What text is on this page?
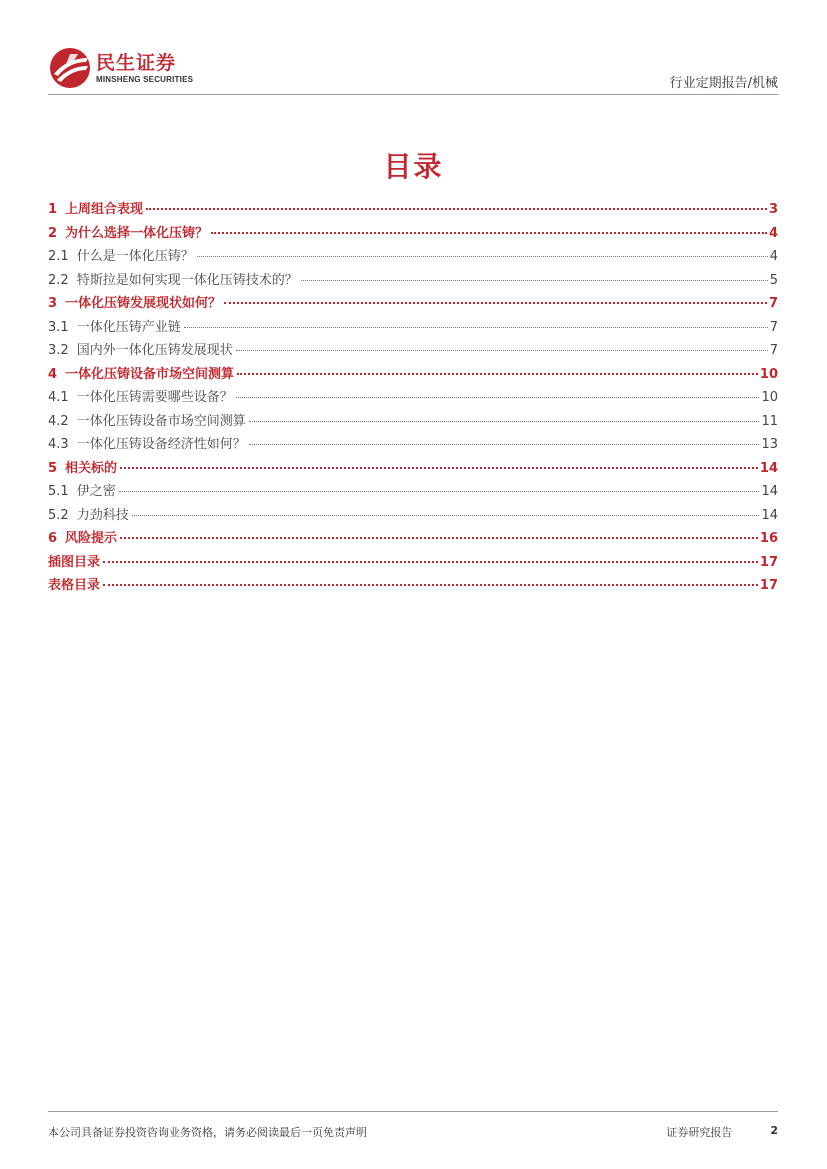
民生证券
MINSHENG SECURITIES	行业定期报告/机械
目录
1 上周组合表现	3
2 为什么选择一体化压铸？	4
2.1 什么是一体化压铸？	4
2.2 特斯拉是如何实现一体化压铸技术的？	5
3 一体化压铸发展现状如何？	7
3.1 一体化压铸产业链	7
3.2 国内外一体化压铸发展现状	7
4 一体化压铸设备市场空间测算	10
4.1 一体化压铸需要哪些设备？	10
4.2 一体化压铸设备市场空间测算	11
4.3 一体化压铸设备经济性如何？	13
5 相关标的	14
5.1 伊之密	14
5.2 力劲科技	14
6 风险提示	16
插图目录	17
表格目录	17
本公司具备证券投资咨询业务资格，请务必阅读最后一页免责声明	证券研究报告	2
